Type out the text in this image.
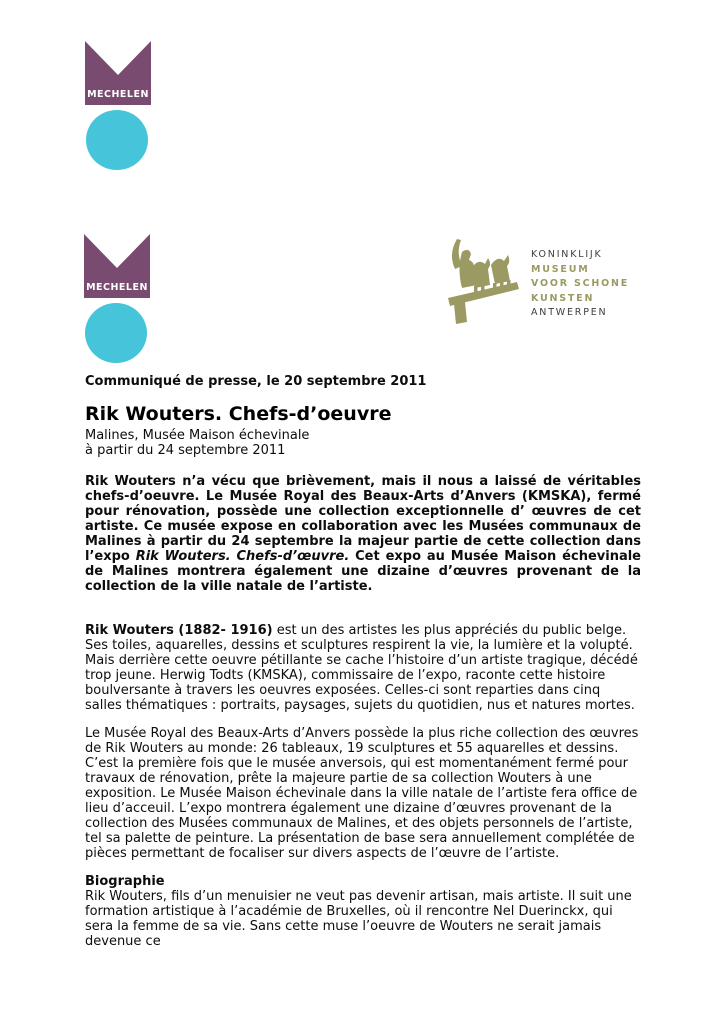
MECHELEN
MECHELEN
KONINKLIJK
MUSEUM
VOOR SCHONE
KUNSTEN
ANTWERPEN
Communiqué de presse, le 20 septembre 2011
Rik Wouters. Chefs-d’oeuvre
Malines, Musée Maison échevinale
à partir du 24 septembre 2011

Rik Wouters n’a vécu que brièvement, mais il nous a laissé de véritables chefs-d’oeuvre. Le Musée Royal des Beaux-Arts d’Anvers (KMSKA), fermé pour rénovation, possède une collection exceptionnelle d’ œuvres de cet artiste. Ce musée expose en collaboration avec les Musées communaux de Malines à partir du 24 septembre la majeur partie de cette collection dans l’expo Rik Wouters. Chefs-d’œuvre. Cet expo au Musée Maison échevinale de Malines montrera également une dizaine d’œuvres provenant de la collection de la ville natale de l’artiste.

Rik Wouters (1882- 1916) est un des artistes les plus appréciés du public belge. Ses toiles, aquarelles, dessins et sculptures respirent la vie, la lumière et la volupté. Mais derrière cette oeuvre pétillante se cache l’histoire d’un artiste tragique, décédé trop jeune. Herwig Todts (KMSKA), commissaire de l’expo, raconte cette histoire boulversante à travers les oeuvres exposées. Celles-ci sont reparties dans cinq salles thématiques : portraits, paysages, sujets du quotidien, nus et natures mortes.

Le Musée Royal des Beaux-Arts d’Anvers possède la plus riche collection des œuvres de Rik Wouters au monde: 26 tableaux, 19 sculptures et 55 aquarelles et dessins. C’est la première fois que le musée anversois, qui est momentanément fermé pour travaux de rénovation, prête la majeure partie de sa collection Wouters à une exposition. Le Musée Maison échevinale dans la ville natale de l’artiste fera office de lieu d’acceuil. L’expo montrera également une dizaine d’œuvres provenant de la collection des Musées communaux de Malines, et des objets personnels de l’artiste, tel sa palette de peinture. La présentation de base sera annuellement complétée de pièces permettant de focaliser sur divers aspects de l’œuvre de l’artiste.

Biographie

Rik Wouters, fils d’un menuisier ne veut pas devenir artisan, mais artiste. Il suit une formation artistique à l’académie de Bruxelles, où il rencontre Nel Duerinckx, qui sera la femme de sa vie. Sans cette muse l’oeuvre de Wouters ne serait jamais devenue ce
